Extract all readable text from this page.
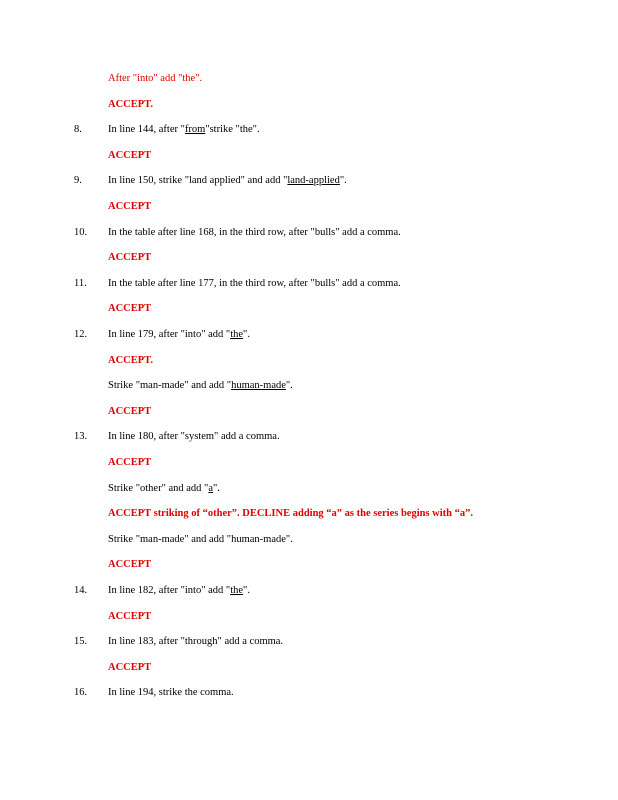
After "into" add "the".
ACCEPT.
8. In line 144, after "from"strike "the".
ACCEPT
9. In line 150, strike "land applied" and add "land-applied".
ACCEPT
10. In the table after line 168, in the third row, after "bulls" add a comma.
ACCEPT
11. In the table after line 177, in the third row, after "bulls" add a comma.
ACCEPT
12. In line 179, after "into" add "the".
ACCEPT.
Strike "man-made" and add "human-made".
ACCEPT
13. In line 180, after "system" add a comma.
ACCEPT
Strike "other" and add "a".
ACCEPT striking of “other”. DECLINE adding “a” as the series begins with “a”.
Strike "man-made" and add "human-made".
ACCEPT
14. In line 182, after "into" add "the".
ACCEPT
15. In line 183, after "through" add a comma.
ACCEPT
16. In line 194, strike the comma.
